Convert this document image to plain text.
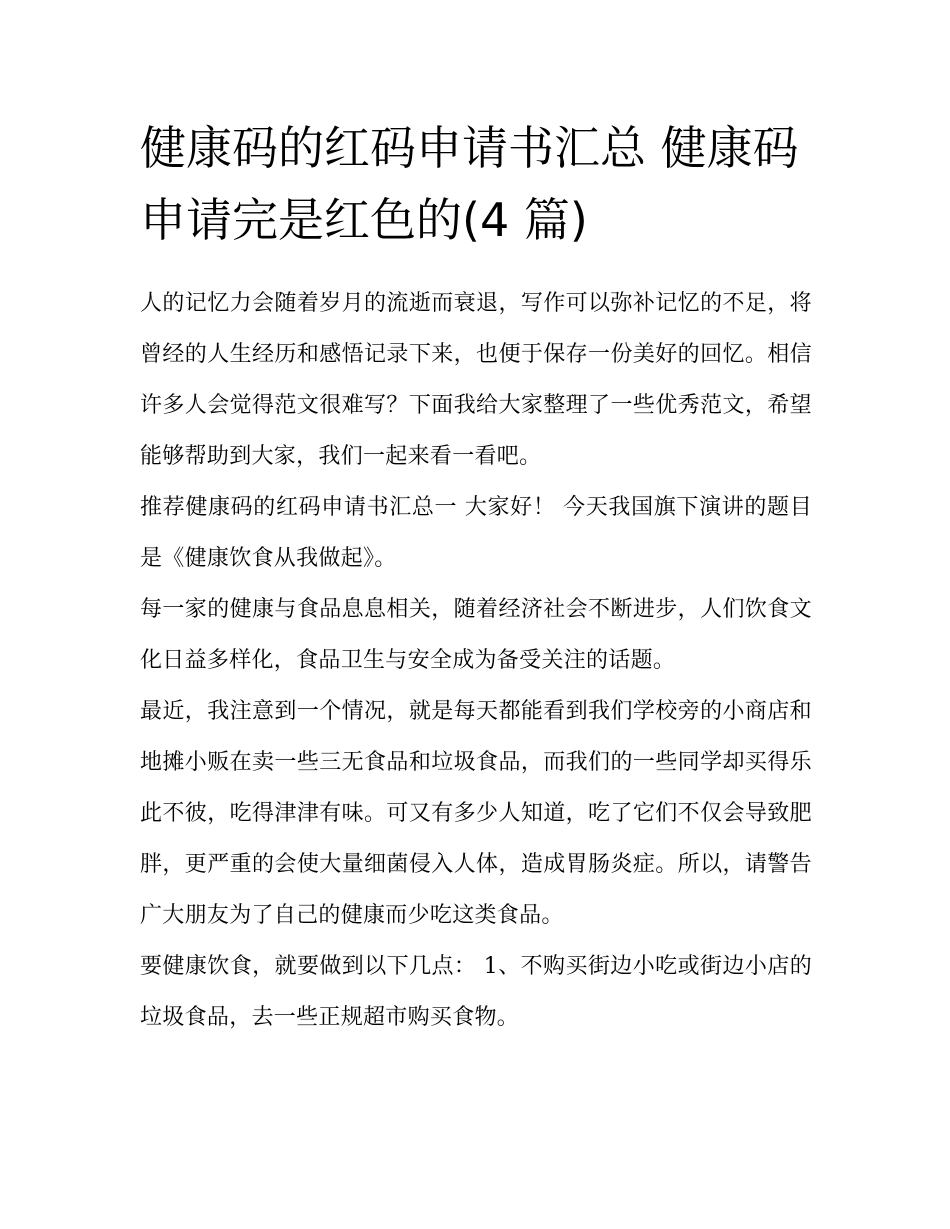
健康码的红码申请书汇总 健康码申请完是红色的(4 篇)

人的记忆力会随着岁月的流逝而衰退，写作可以弥补记忆的不足，将曾经的人生经历和感悟记录下来，也便于保存一份美好的回忆。相信许多人会觉得范文很难写？下面我给大家整理了一些优秀范文，希望能够帮助到大家，我们一起来看一看吧。

推荐健康码的红码申请书汇总一 大家好！ 今天我国旗下演讲的题目是《健康饮食从我做起》。

每一家的健康与食品息息相关，随着经济社会不断进步，人们饮食文化日益多样化，食品卫生与安全成为备受关注的话题。

最近，我注意到一个情况，就是每天都能看到我们学校旁的小商店和地摊小贩在卖一些三无食品和垃圾食品，而我们的一些同学却买得乐此不彼，吃得津津有味。可又有多少人知道，吃了它们不仅会导致肥胖，更严重的会使大量细菌侵入人体，造成胃肠炎症。所以，请警告广大朋友为了自己的健康而少吃这类食品。

要健康饮食，就要做到以下几点： 1、不购买街边小吃或街边小店的垃圾食品，去一些正规超市购买食物。
